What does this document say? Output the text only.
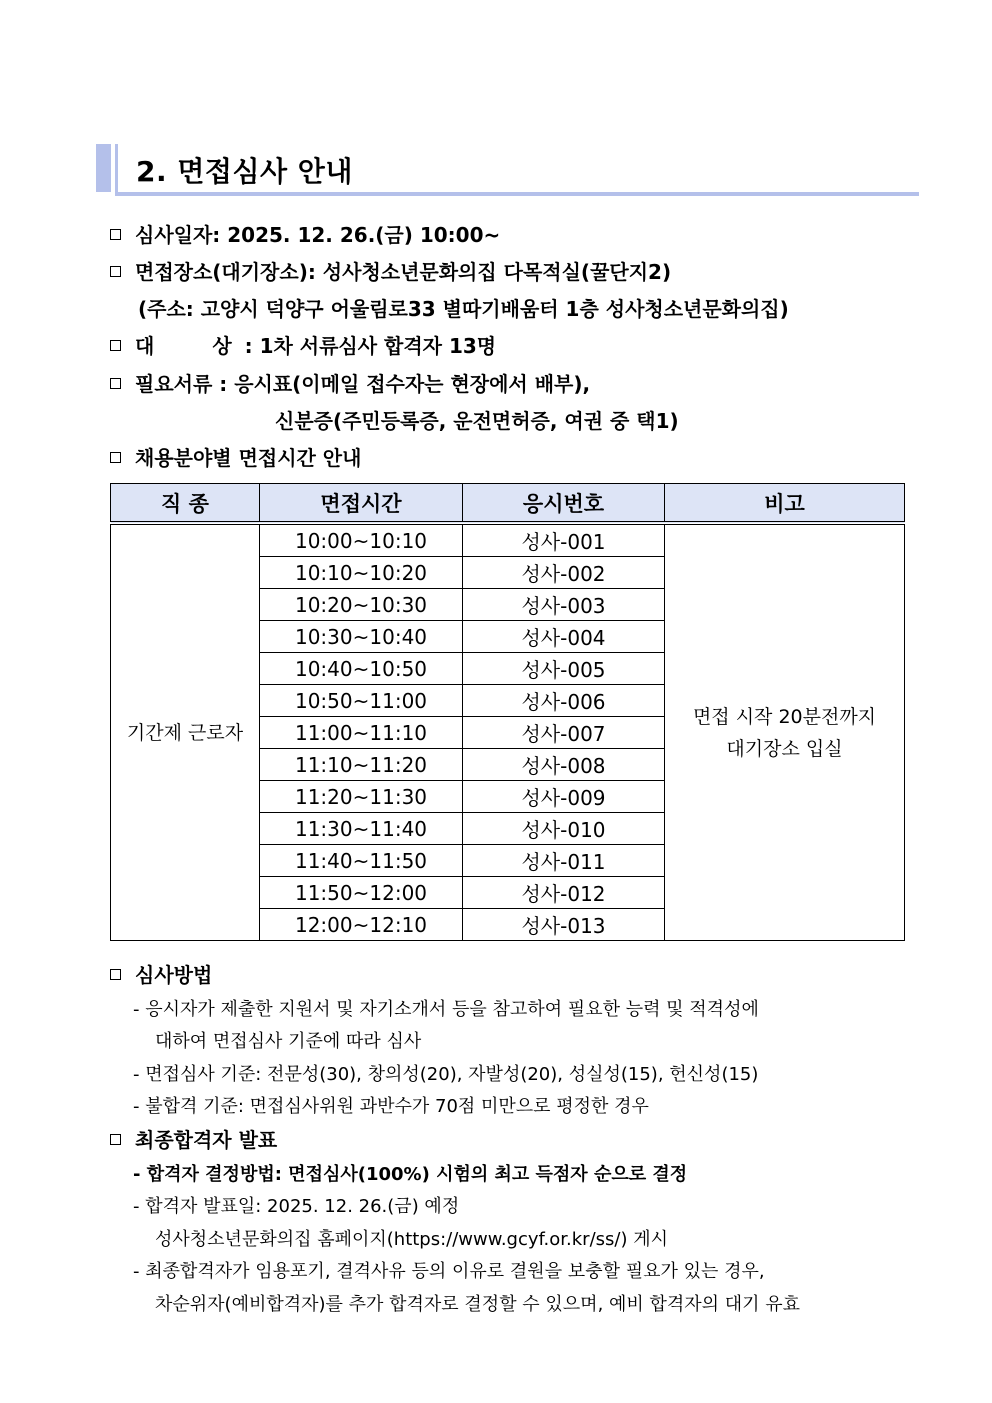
2. 면접심사 안내
심사일자: 2025. 12. 26.(금) 10:00~
면접장소(대기장소): 성사청소년문화의집 다목적실(꿀단지2)
(주소: 고양시 덕양구 어울림로33 별따기배움터 1층 성사청소년문화의집)
대	상 : 1차 서류심사 합격자 13명
필요서류 : 응시표(이메일 접수자는 현장에서 배부),
신분증(주민등록증, 운전면허증, 여권 중 택1)
채용분야별 면접시간 안내
직 종	면접시간	응시번호	비고
기간제 근로자	10:00~10:10	성사-001	면접 시작 20분전까지
대기장소 입실

	10:10~10:20	성사-002	
	10:20~10:30	성사-003	
	10:30~10:40	성사-004	
	10:40~10:50	성사-005	
	10:50~11:00	성사-006	
	11:00~11:10	성사-007	
	11:10~11:20	성사-008	
	11:20~11:30	성사-009	
	11:30~11:40	성사-010	
	11:40~11:50	성사-011	
	11:50~12:00	성사-012	
	12:00~12:10	성사-013	
심사방법
- 응시자가 제출한 지원서 및 자기소개서 등을 참고하여 필요한 능력 및 적격성에
대하여 면접심사 기준에 따라 심사
- 면접심사 기준: 전문성(30), 창의성(20), 자발성(20), 성실성(15), 헌신성(15)
- 불합격 기준: 면접심사위원 과반수가 70점 미만으로 평정한 경우
최종합격자 발표
- 합격자 결정방법: 면접심사(100%) 시험의 최고 득점자 순으로 결정
- 합격자 발표일: 2025. 12. 26.(금) 예정
성사청소년문화의집 홈페이지(https://www.gcyf.or.kr/ss/) 게시
- 최종합격자가 임용포기, 결격사유 등의 이유로 결원을 보충할 필요가 있는 경우,
차순위자(예비합격자)를 추가 합격자로 결정할 수 있으며, 예비 합격자의 대기 유효
